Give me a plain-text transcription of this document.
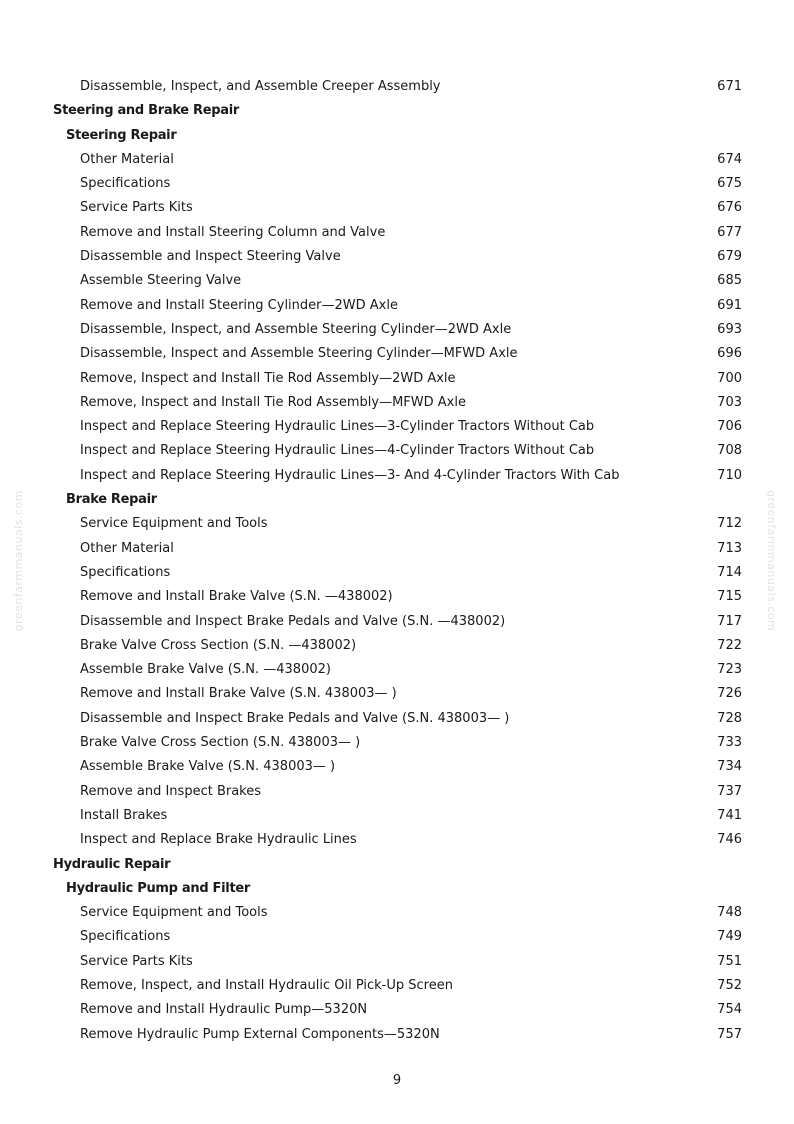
greenfarmmanuals.com	greenfarmmanuals.com
Disassemble, Inspect, and Assemble Creeper Assembly	671
Steering and Brake Repair
Steering Repair
Other Material	674
Specifications	675
Service Parts Kits	676
Remove and Install Steering Column and Valve	677
Disassemble and Inspect Steering Valve	679
Assemble Steering Valve	685
Remove and Install Steering Cylinder—2WD Axle	691
Disassemble, Inspect, and Assemble Steering Cylinder—2WD Axle	693
Disassemble, Inspect and Assemble Steering Cylinder—MFWD Axle	696
Remove, Inspect and Install Tie Rod Assembly—2WD Axle	700
Remove, Inspect and Install Tie Rod Assembly—MFWD Axle	703
Inspect and Replace Steering Hydraulic Lines—3-Cylinder Tractors Without Cab	706
Inspect and Replace Steering Hydraulic Lines—4-Cylinder Tractors Without Cab	708
Inspect and Replace Steering Hydraulic Lines—3- And 4-Cylinder Tractors With Cab	710
Brake Repair
Service Equipment and Tools	712
Other Material	713
Specifications	714
Remove and Install Brake Valve (S.N. —438002)	715
Disassemble and Inspect Brake Pedals and Valve (S.N. —438002)	717
Brake Valve Cross Section (S.N. —438002)	722
Assemble Brake Valve (S.N. —438002)	723
Remove and Install Brake Valve (S.N. 438003— )	726
Disassemble and Inspect Brake Pedals and Valve (S.N. 438003— )	728
Brake Valve Cross Section (S.N. 438003— )	733
Assemble Brake Valve (S.N. 438003— )	734
Remove and Inspect Brakes	737
Install Brakes	741
Inspect and Replace Brake Hydraulic Lines	746
Hydraulic Repair
Hydraulic Pump and Filter
Service Equipment and Tools	748
Specifications	749
Service Parts Kits	751
Remove, Inspect, and Install Hydraulic Oil Pick-Up Screen	752
Remove and Install Hydraulic Pump—5320N	754
Remove Hydraulic Pump External Components—5320N	757
9
